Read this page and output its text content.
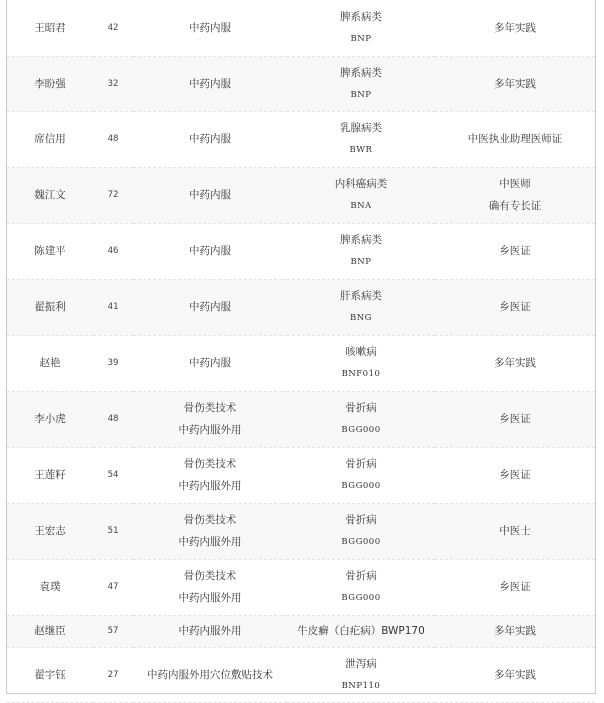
王昭君	42	中药内服	脾系病类
BNP	多年实践

李盼强	32	中药内服	脾系病类
BNP	多年实践

席信用	48	中药内服	乳腺病类
BWR	中医执业助理医师证

魏江文	72	中药内服	内科癌病类
BNA	中医师
确有专长证

陈建平	46	中药内服	脾系病类
BNP	乡医证

翟振利	41	中药内服	肝系病类
BNG	乡医证

赵艳	39	中药内服	咳嗽病
BNF010	多年实践

李小虎	48	骨伤类技术
中药内服外用	骨折病
BGG000	乡医证

王莲籽	54	骨伤类技术
中药内服外用	骨折病
BGG000	乡医证

王宏志	51	骨伤类技术
中药内服外用	骨折病
BGG000	中医士

袁璞	47	骨伤类技术
中药内服外用	骨折病
BGG000	乡医证

赵继臣	57	中药内服外用	牛皮癣（白疕病）BWP170	多年实践

翟宇钰	27	中药内服外用穴位敷贴技术	泄泻病
BNP110	多年实践
